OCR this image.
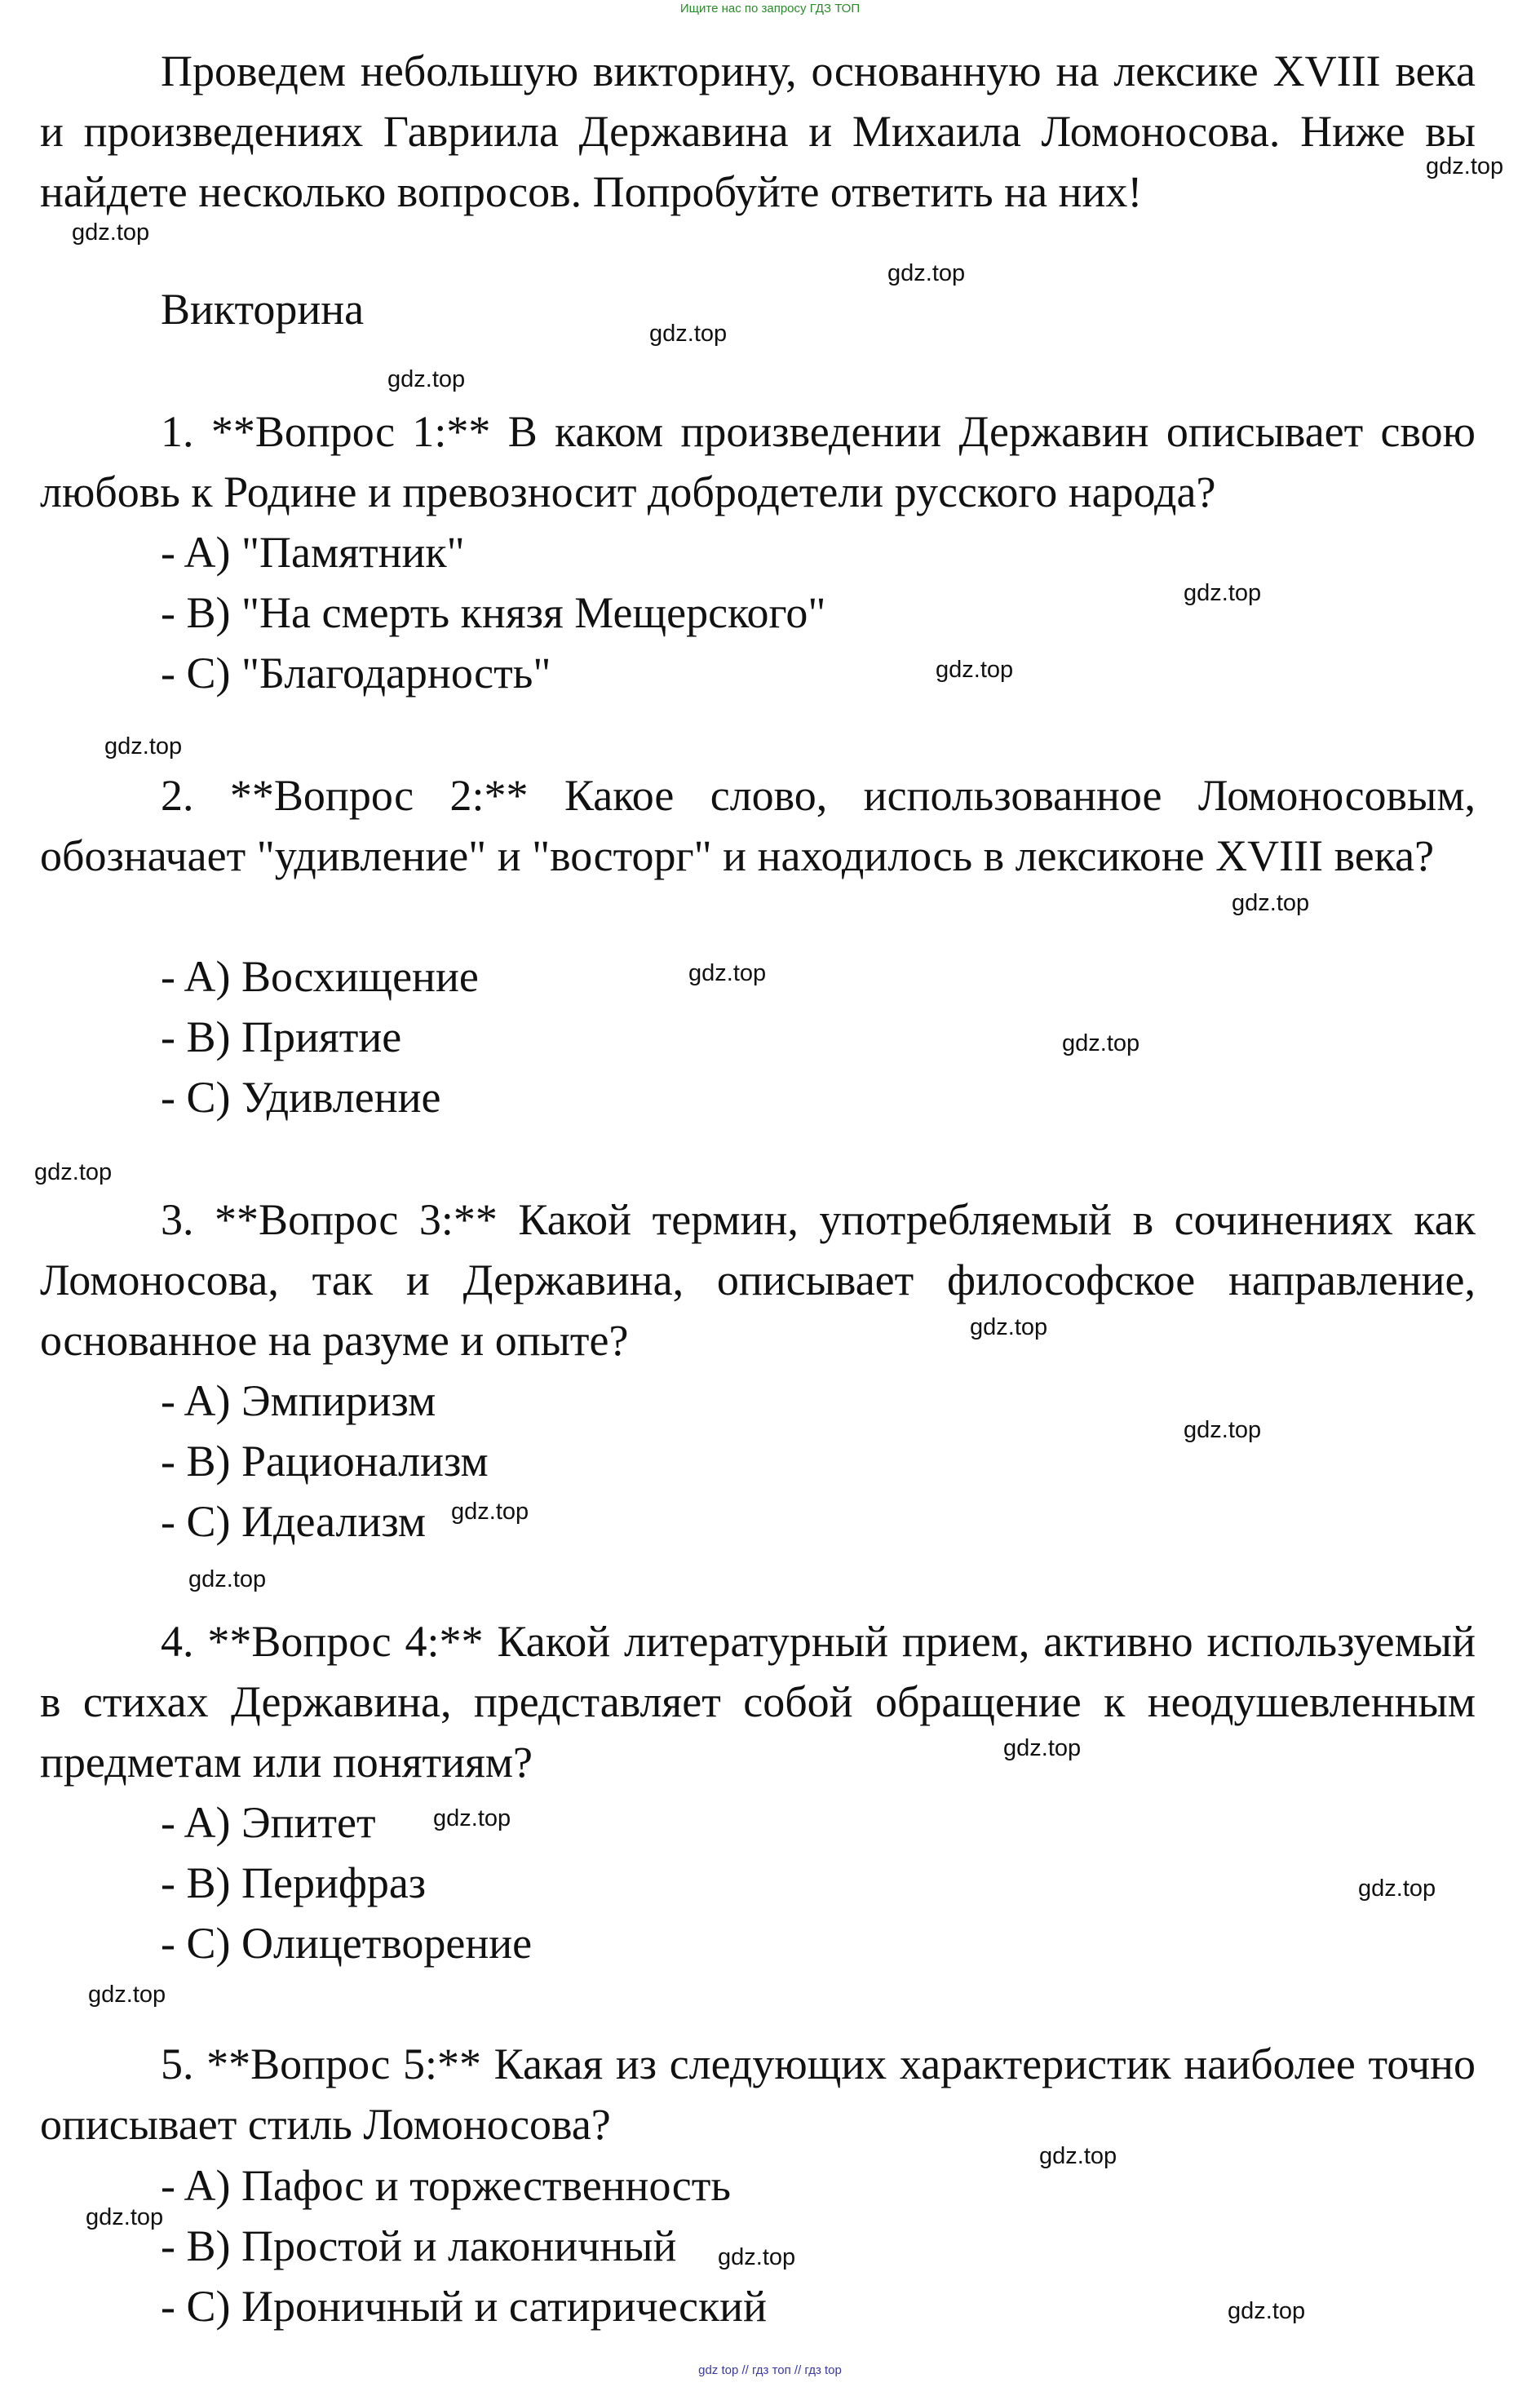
Ищите нас по запросу ГДЗ ТОП

Проведем небольшую викторину, основанную на лексике XVIII века и произведениях Гавриила Державина и Михаила Ломоносова. Ниже вы найдете несколько вопросов. Попробуйте ответить на них!

Викторина

1. **Вопрос 1:** В каком произведении Державин описывает свою любовь к Родине и превозносит добродетели русского народа?

- A) "Памятник"
- B) "На смерть князя Мещерского"
- C) "Благодарность"

2. **Вопрос 2:** Какое слово, использованное Ломоносовым, обозначает "удивление" и "восторг" и находилось в лексиконе XVIII века?

- A) Восхищение
- B) Приятие
- C) Удивление

3. **Вопрос 3:** Какой термин, употребляемый в сочинениях как Ломоносова, так и Державина, описывает философское направление, основанное на разуме и опыте?

- A) Эмпиризм
- B) Рационализм
- C) Идеализм

4. **Вопрос 4:** Какой литературный прием, активно используемый в стихах Державина, представляет собой обращение к неодушевленным предметам или понятиям?

- A) Эпитет
- B) Перифраз
- C) Олицетворение

5. **Вопрос 5:** Какая из следующих характеристик наиболее точно описывает стиль Ломоносова?

- A) Пафос и торжественность
- B) Простой и лаконичный
- C) Ироничный и сатирический
gdz.top
gdz.top
gdz.top
gdz.top
gdz.top
gdz.top
gdz.top
gdz.top
gdz.top
gdz.top
gdz.top
gdz.top
gdz.top
gdz.top
gdz.top
gdz.top
gdz.top
gdz.top
gdz.top
gdz.top
gdz.top
gdz.top
gdz.top
gdz.top
gdz top // гдз топ // гдз top
